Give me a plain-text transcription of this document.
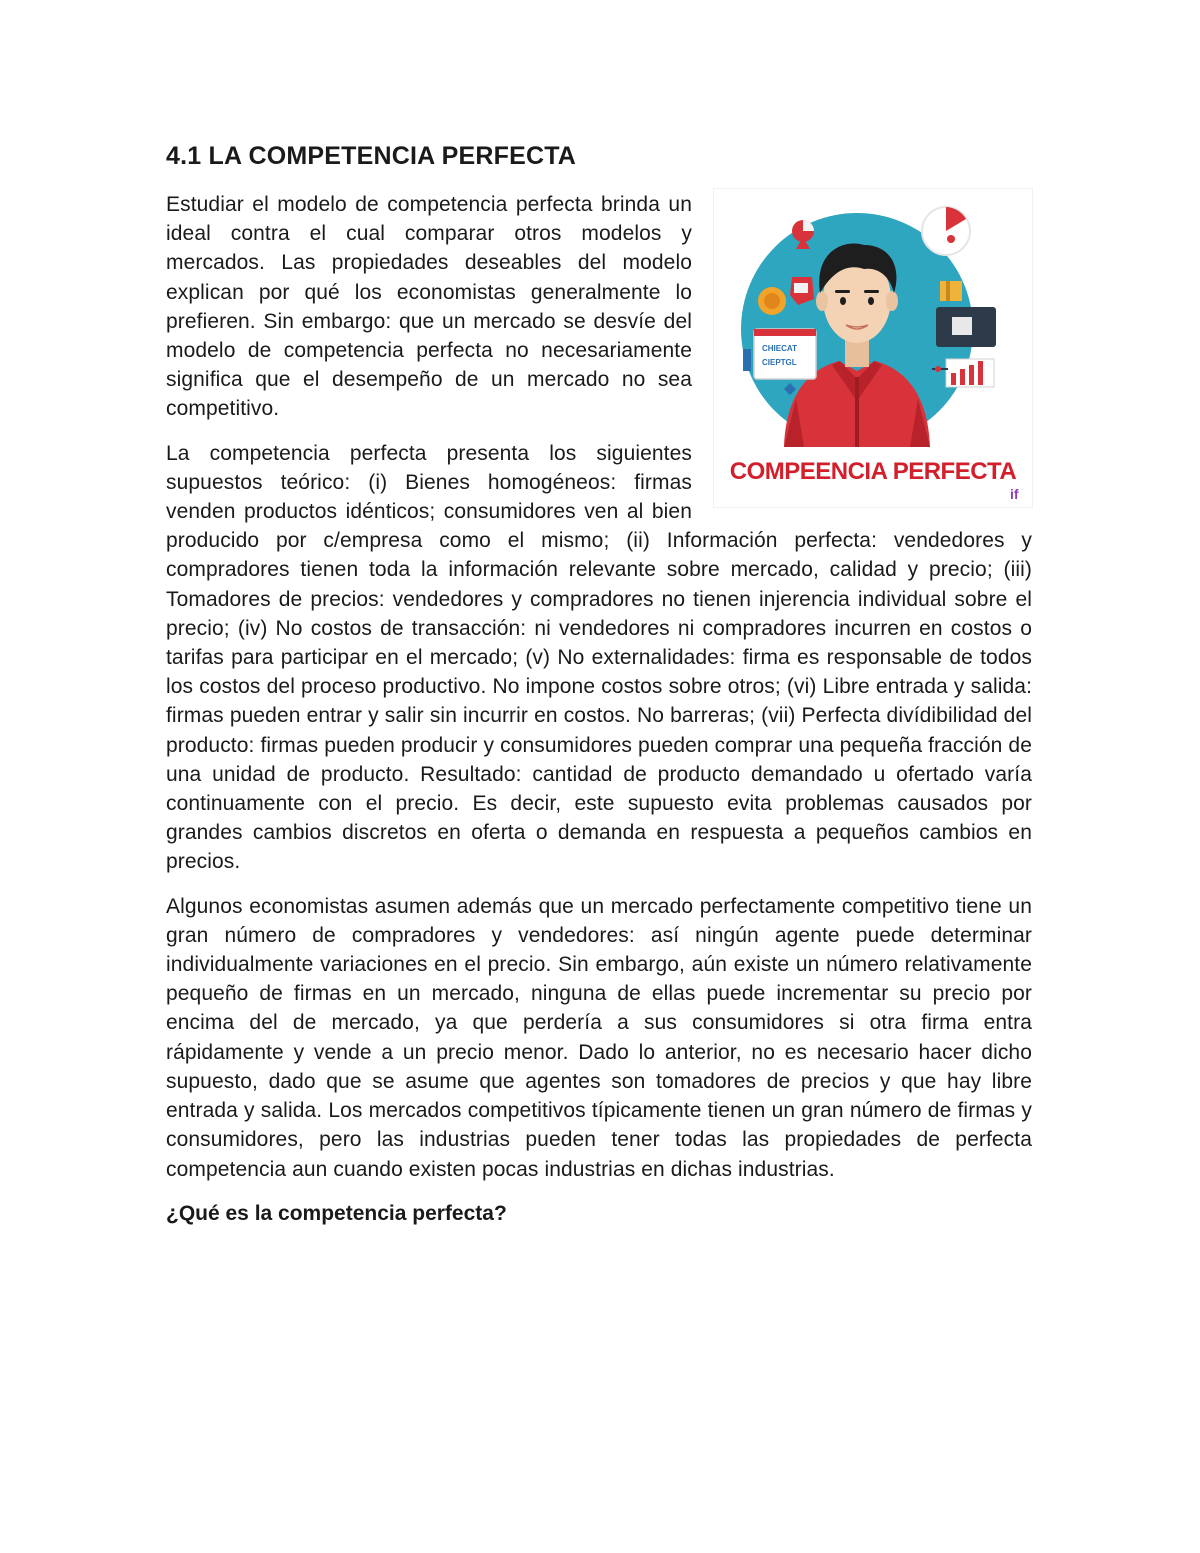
4.1 LA COMPETENCIA PERFECTA
CHIECAT
CIEPTGL
COMPEENCIA PERFECTA
if

Estudiar el modelo de competencia perfecta brinda un ideal contra el cual comparar otros modelos y mercados. Las propiedades deseables del modelo explican por qué los economistas generalmente lo prefieren. Sin embargo: que un mercado se desvíe del modelo de competencia perfecta no necesariamente significa que el desempeño de un mercado no sea competitivo.

La competencia perfecta presenta los siguientes supuestos teórico: (i) Bienes homogéneos: firmas venden productos idénticos; consumidores ven al bien producido por c/empresa como el mismo; (ii) Información perfecta: vendedores y compradores tienen toda la información relevante sobre mercado, calidad y precio; (iii) Tomadores de precios: vendedores y compradores no tienen injerencia individual sobre el precio; (iv) No costos de transacción: ni vendedores ni compradores incurren en costos o tarifas para participar en el mercado; (v) No externalidades: firma es responsable de todos los costos del proceso productivo. No impone costos sobre otros; (vi) Libre entrada y salida: firmas pueden entrar y salir sin incurrir en costos. No barreras; (vii) Perfecta divídibilidad del producto: firmas pueden producir y consumidores pueden comprar una pequeña fracción de una unidad de producto. Resultado: cantidad de producto demandado u ofertado varía continuamente con el precio. Es decir, este supuesto evita problemas causados por grandes cambios discretos en oferta o demanda en respuesta a pequeños cambios en precios.

Algunos economistas asumen además que un mercado perfectamente competitivo tiene un gran número de compradores y vendedores: así ningún agente puede determinar individualmente variaciones en el precio. Sin embargo, aún existe un número relativamente pequeño de firmas en un mercado, ninguna de ellas puede incrementar su precio por encima del de mercado, ya que perdería a sus consumidores si otra firma entra rápidamente y vende a un precio menor. Dado lo anterior, no es necesario hacer dicho supuesto, dado que se asume que agentes son tomadores de precios y que hay libre entrada y salida. Los mercados competitivos típicamente tienen un gran número de firmas y consumidores, pero las industrias pueden tener todas las propiedades de perfecta competencia aun cuando existen pocas industrias en dichas industrias.

¿Qué es la competencia perfecta?
